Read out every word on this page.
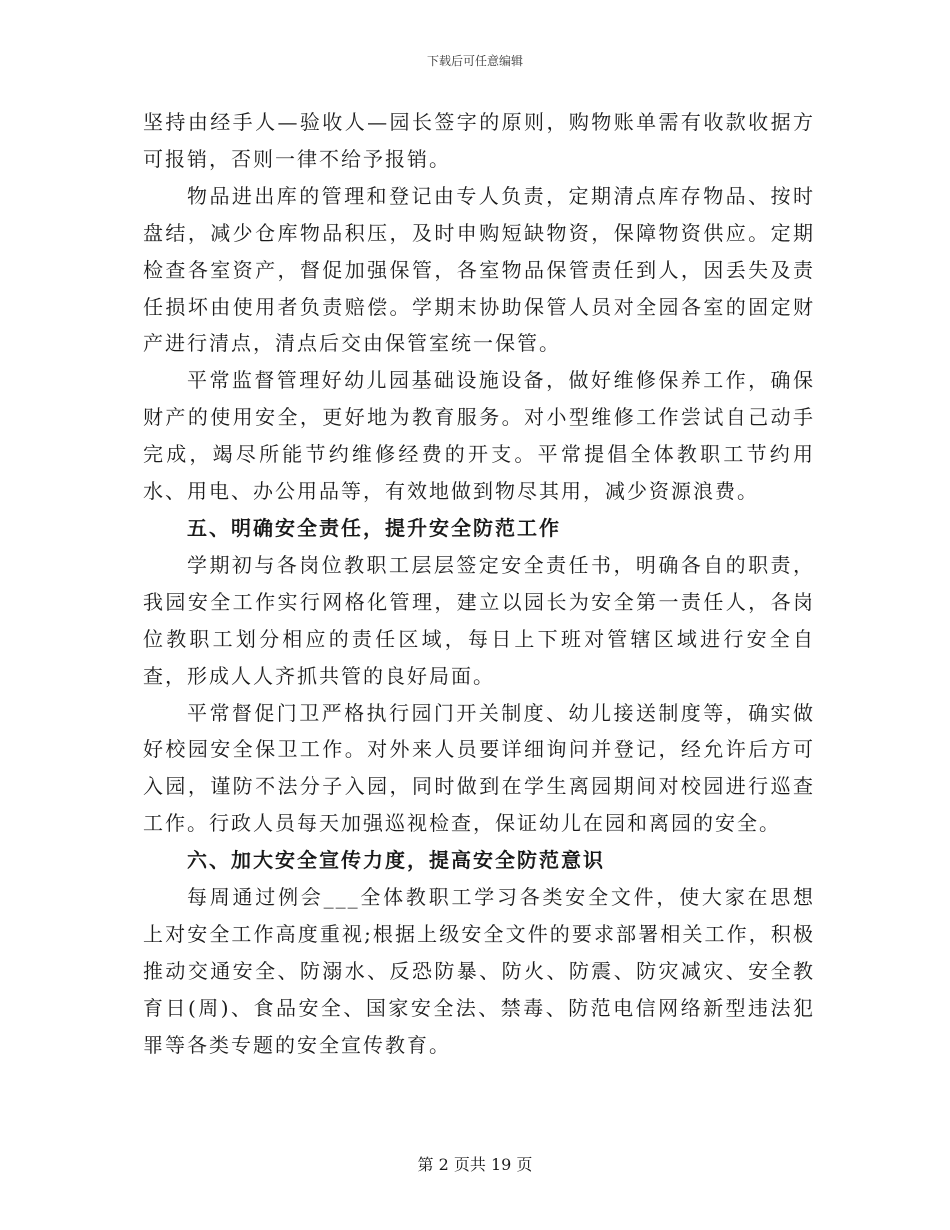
下载后可任意编辑

坚持由经手人—验收人—园长签字的原则，购物账单需有收款收据方可报销，否则一律不给予报销。

物品进出库的管理和登记由专人负责，定期清点库存物品、按时盘结，减少仓库物品积压，及时申购短缺物资，保障物资供应。定期检查各室资产，督促加强保管，各室物品保管责任到人，因丢失及责任损坏由使用者负责赔偿。学期末协助保管人员对全园各室的固定财产进行清点，清点后交由保管室统一保管。

平常监督管理好幼儿园基础设施设备，做好维修保养工作，确保财产的使用安全，更好地为教育服务。对小型维修工作尝试自己动手完成，竭尽所能节约维修经费的开支。平常提倡全体教职工节约用水、用电、办公用品等，有效地做到物尽其用，减少资源浪费。

五、明确安全责任，提升安全防范工作

学期初与各岗位教职工层层签定安全责任书，明确各自的职责，我园安全工作实行网格化管理，建立以园长为安全第一责任人，各岗位教职工划分相应的责任区域，每日上下班对管辖区域进行安全自查，形成人人齐抓共管的良好局面。

平常督促门卫严格执行园门开关制度、幼儿接送制度等，确实做好校园安全保卫工作。对外来人员要详细询问并登记，经允许后方可入园，谨防不法分子入园，同时做到在学生离园期间对校园进行巡查工作。行政人员每天加强巡视检查，保证幼儿在园和离园的安全。

六、加大安全宣传力度，提高安全防范意识

每周通过例会___全体教职工学习各类安全文件，使大家在思想上对安全工作高度重视;根据上级安全文件的要求部署相关工作，积极推动交通安全、防溺水、反恐防暴、防火、防震、防灾减灾、安全教育日(周)、食品安全、国家安全法、禁毒、防范电信网络新型违法犯罪等各类专题的安全宣传教育。

第 2 页共 19 页
